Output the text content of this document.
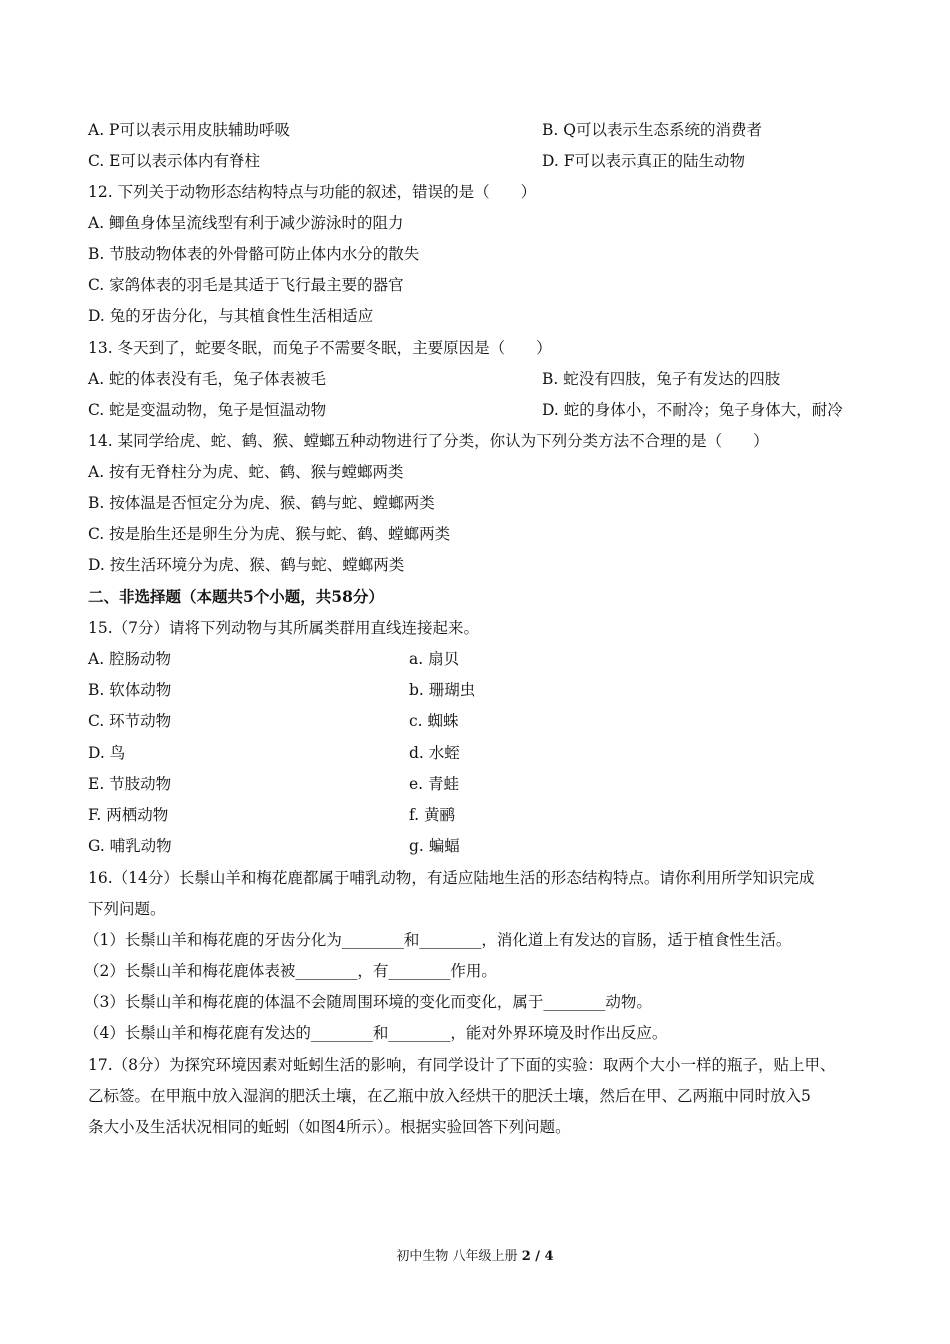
A. P可以表示用皮肤辅助呼吸	B. Q可以表示生态系统的消费者
C. E可以表示体内有脊柱	D. F可以表示真正的陆生动物
12. 下列关于动物形态结构特点与功能的叙述，错误的是（　　）
A. 鲫鱼身体呈流线型有利于减少游泳时的阻力
B. 节肢动物体表的外骨骼可防止体内水分的散失
C. 家鸽体表的羽毛是其适于飞行最主要的器官
D. 兔的牙齿分化，与其植食性生活相适应
13. 冬天到了，蛇要冬眠，而兔子不需要冬眠，主要原因是（　　）
A. 蛇的体表没有毛，兔子体表被毛	B. 蛇没有四肢，兔子有发达的四肢
C. 蛇是变温动物，兔子是恒温动物	D. 蛇的身体小，不耐冷；兔子身体大，耐冷
14. 某同学给虎、蛇、鹤、猴、螳螂五种动物进行了分类，你认为下列分类方法不合理的是（　　）
A. 按有无脊柱分为虎、蛇、鹤、猴与螳螂两类
B. 按体温是否恒定分为虎、猴、鹤与蛇、螳螂两类
C. 按是胎生还是卵生分为虎、猴与蛇、鹤、螳螂两类
D. 按生活环境分为虎、猴、鹤与蛇、螳螂两类
二、非选择题（本题共5个小题，共58分）
15.（7分）请将下列动物与其所属类群用直线连接起来。
A. 腔肠动物	a. 扇贝
B. 软体动物	b. 珊瑚虫
C. 环节动物	c. 蜘蛛
D. 鸟	d. 水蛭
E. 节肢动物	e. 青蛙
F. 两栖动物	f. 黄鹂
G. 哺乳动物	g. 蝙蝠
16.（14分）长鬃山羊和梅花鹿都属于哺乳动物，有适应陆地生活的形态结构特点。请你利用所学知识完成
下列问题。
（1）长鬃山羊和梅花鹿的牙齿分化为________和________，消化道上有发达的盲肠，适于植食性生活。
（2）长鬃山羊和梅花鹿体表被________，有________作用。
（3）长鬃山羊和梅花鹿的体温不会随周围环境的变化而变化，属于________动物。
（4）长鬃山羊和梅花鹿有发达的________和________，能对外界环境及时作出反应。
17.（8分）为探究环境因素对蚯蚓生活的影响，有同学设计了下面的实验：取两个大小一样的瓶子，贴上甲、
乙标签。在甲瓶中放入湿润的肥沃土壤，在乙瓶中放入经烘干的肥沃土壤，然后在甲、乙两瓶中同时放入5
条大小及生活状况相同的蚯蚓（如图4所示）。根据实验回答下列问题。
初中生物 八年级上册 2 / 4
